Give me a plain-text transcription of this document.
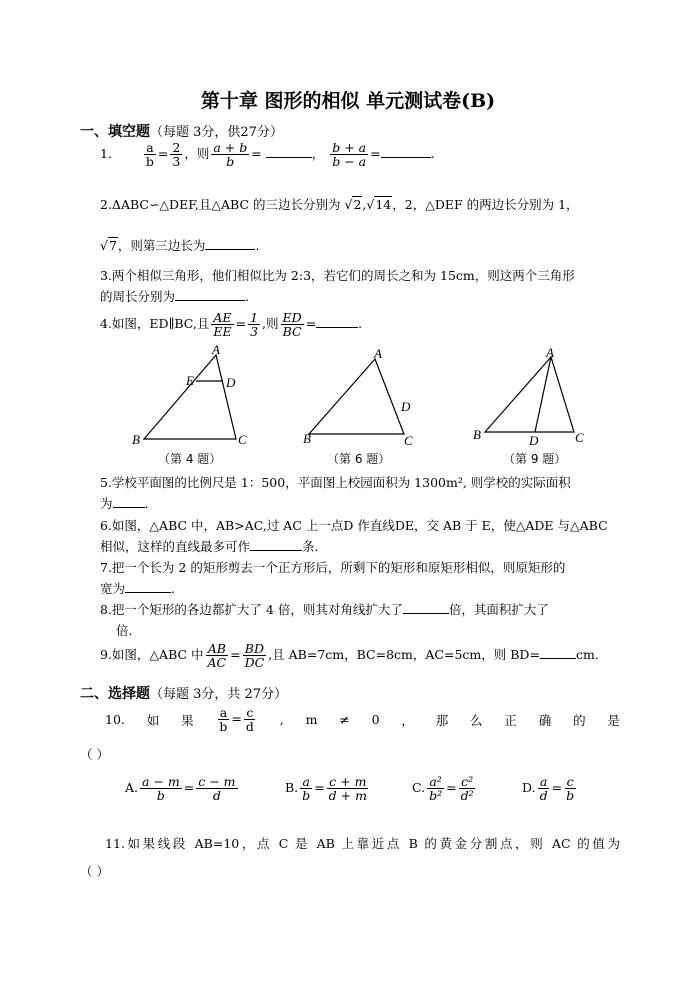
第十章 图形的相似 单元测试卷(B)
一、填空题（每题 3分，供27分）
1.	$\frac{a}{b} = \frac{2}{3}$ ，则 $\frac{a + b}{b}$ =	， $\frac{b + a}{b - a}$ =	.
2.ΔABC∽△DEF,且△ABC 的三边长分别为 √2,√14，2，△DEF 的两边长分别为 1，
√7，则第三边长为	.
3.两个相似三角形，他们相似比为 2:3，若它们的周长之和为 15cm，则这两个三角形
的周长分别为	.
4.如图，ED∥BC,且 $\frac{AE}{EE} = \frac{1}{3}$ ,则 $\frac{ED}{BC}$ =	.
A
E D
B	C
（第 4 题）
A
D
B	C
（第 6 题）
A
B	D	C
（第 9 题）
5.学校平面图的比例尺是 1：500，平面图上校园面积为 1300m², 则学校的实际面积
为	.
6.如图，△ABC 中，AB>AC,过 AC 上一点D 作直线DE，交 AB 于 E，使△ADE 与△ABC
相似，这样的直线最多可作	条.
7.把一个长为 2 的矩形剪去一个正方形后，所剩下的矩形和原矩形相似，则原矩形的
宽为	.
8.把一个矩形的各边都扩大了 4 倍，则其对角线扩大了	倍，其面积扩大了
倍.
9.如图，△ABC 中 $\frac{AB}{AC} = \frac{BD}{DC}$ ,且 AB=7cm，BC=8cm，AC=5cm，则 BD=	cm.
二、选择题（每题 3分，共 27分）
10. 如 果 $\frac{a}{b} = \frac{c}{d}$ , m ≠ 0 ， 那 么 正 确 的 是
（ ）
A. $\frac{a - m}{b} = \frac{c - m}{d}$	B. $\frac{a}{b} = \frac{c + m}{d + m}$	C. $\frac{\text{a²}}{\text{b²}} = \frac{\text{c²}}{\text{d²}}$	D. $\frac{a}{d} = \frac{c}{b}$
11.如果线段 AB=10，点 C 是 AB 上靠近点 B 的黄金分割点，则 AC 的值为
（ ）
